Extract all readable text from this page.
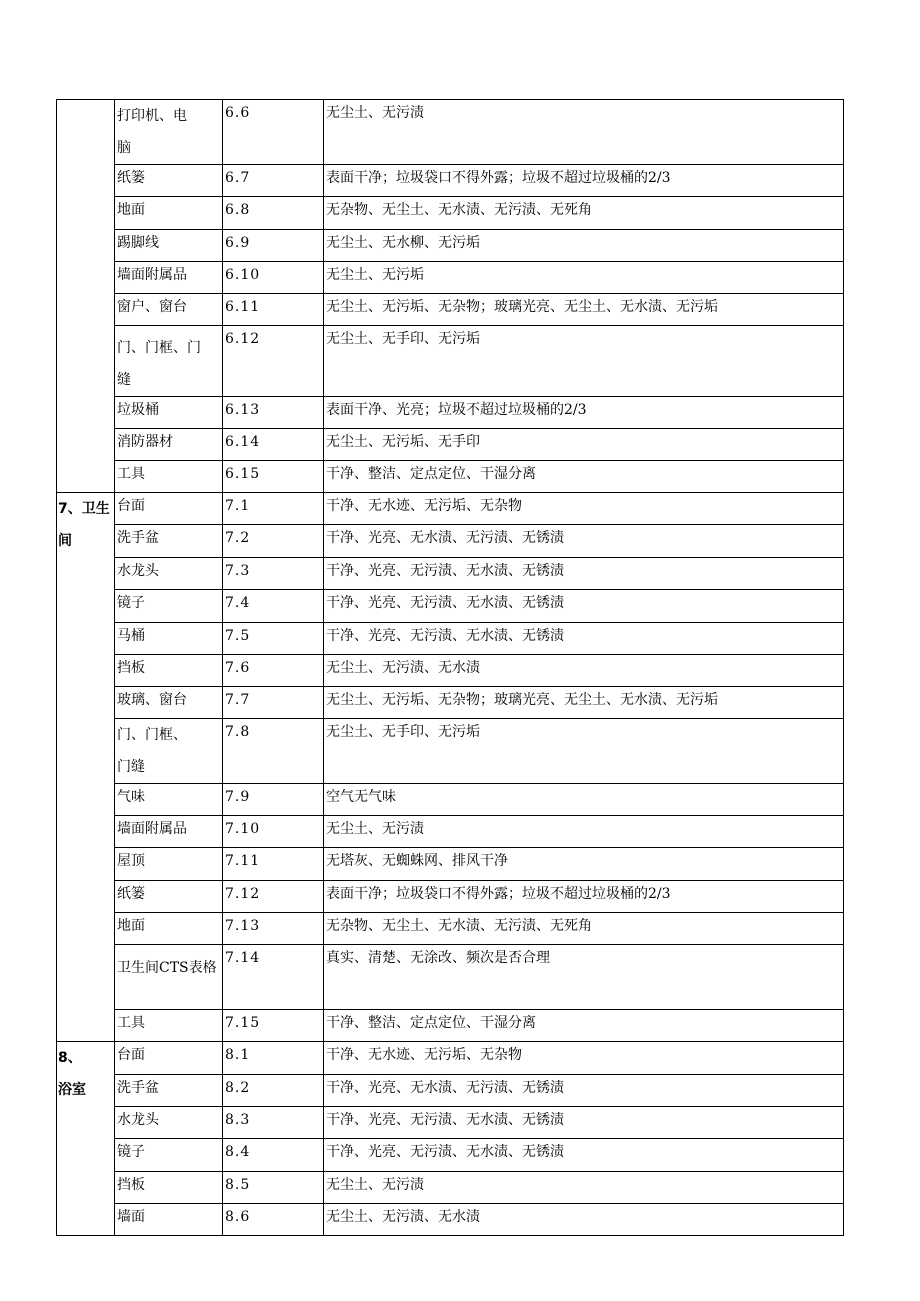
	打印机、电
脑	6.6	无尘土、无污渍

	纸篓	6.7	表面干净；垃圾袋口不得外露；垃圾不超过垃圾桶的2/3

	地面	6.8	无杂物、无尘土、无水渍、无污渍、无死角

	踢脚线	6.9	无尘土、无水柳、无污垢

	墙面附属品	6.10	无尘土、无污垢

	窗户、窗台	6.11	无尘土、无污垢、无杂物；玻璃光亮、无尘土、无水渍、无污垢

	门、门框、门
缝	6.12	无尘土、无手印、无污垢

	垃圾桶	6.13	表面干净、光亮；垃圾不超过垃圾桶的2/3

	消防器材	6.14	无尘土、无污垢、无手印

	工具	6.15	干净、整洁、定点定位、干湿分离

7、卫生
间	台面	7.1	干净、无水迹、无污垢、无杂物

	洗手盆	7.2	干净、光亮、无水渍、无污渍、无锈渍

	水龙头	7.3	干净、光亮、无污渍、无水渍、无锈渍

	镜子	7.4	干净、光亮、无污渍、无水渍、无锈渍

	马桶	7.5	干净、光亮、无污渍、无水渍、无锈渍

	挡板	7.6	无尘土、无污渍、无水渍

	玻璃、窗台	7.7	无尘土、无污垢、无杂物；玻璃光亮、无尘土、无水渍、无污垢

	门、门框、
门缝	7.8	无尘土、无手印、无污垢

	气味	7.9	空气无气味

	墙面附属品	7.10	无尘土、无污渍

	屋顶	7.11	无塔灰、无蜘蛛网、排风干净

	纸篓	7.12	表面干净；垃圾袋口不得外露；垃圾不超过垃圾桶的2/3

	地面	7.13	无杂物、无尘土、无水渍、无污渍、无死角

	卫生间CTS表格	7.14	真实、清楚、无涂改、频次是否合理

	工具	7.15	干净、整洁、定点定位、干湿分离

8、
浴室	台面	8.1	干净、无水迹、无污垢、无杂物

	洗手盆	8.2	干净、光亮、无水渍、无污渍、无锈渍

	水龙头	8.3	干净、光亮、无污渍、无水渍、无锈渍

	镜子	8.4	干净、光亮、无污渍、无水渍、无锈渍

	挡板	8.5	无尘土、无污渍

	墙面	8.6	无尘土、无污渍、无水渍
